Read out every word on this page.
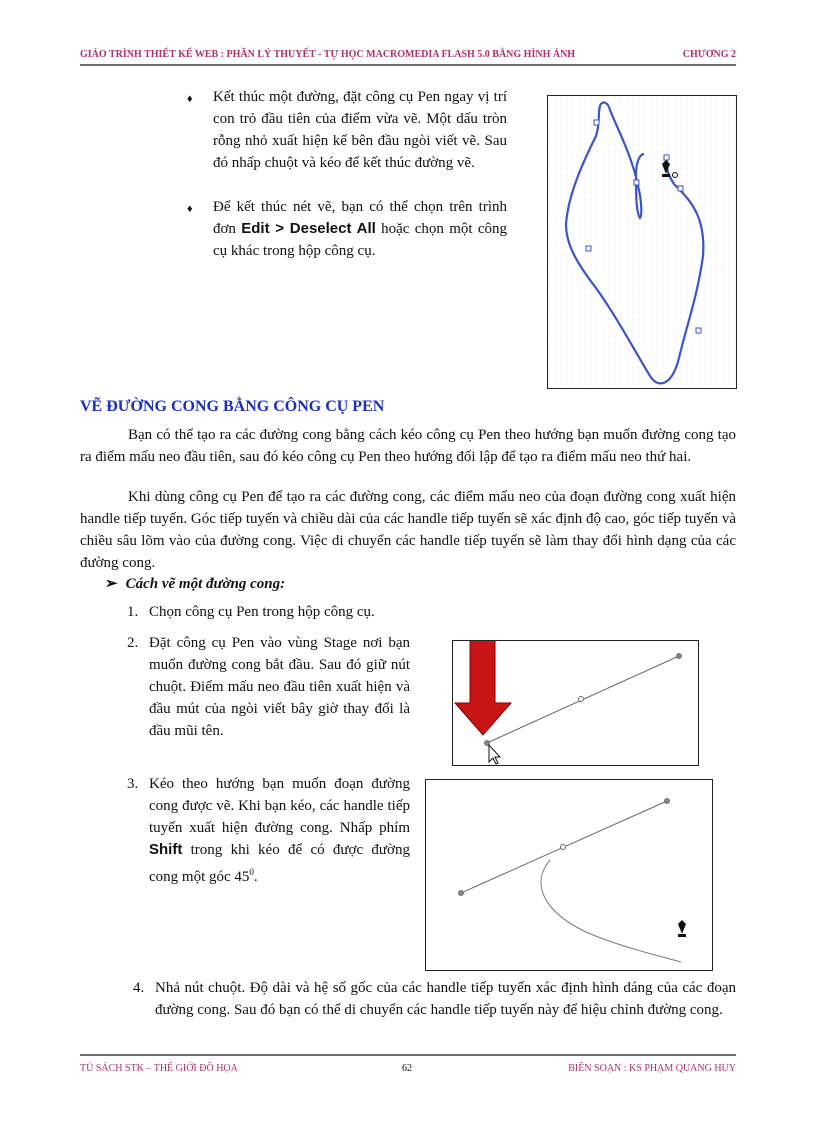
GIÁO TRÌNH THIẾT KẾ WEB : PHẦN LÝ THUYẾT - TỰ HỌC MACROMEDIA FLASH 5.0 BẰNG HÌNH ẢNH	CHƯƠNG 2
♦ Kết thúc một đường, đặt công cụ Pen ngay vị trí con trỏ đầu tiên của điểm vừa vẽ. Một dấu tròn rỗng nhỏ xuất hiện kế bên đầu ngòi viết vẽ. Sau đó nhấp chuột và kéo để kết thúc đường vẽ.
♦ Để kết thúc nét vẽ, bạn có thể chọn trên trình đơn Edit > Deselect All hoặc chọn một công cụ khác trong hộp công cụ.
VẼ ĐƯỜNG CONG BẰNG CÔNG CỤ PEN
Bạn có thể tạo ra các đường cong bằng cách kéo công cụ Pen theo hướng bạn muốn đường cong tạo ra điểm mấu neo đầu tiên, sau đó kéo công cụ Pen theo hướng đối lập để tạo ra điểm mấu neo thứ hai.
Khi dùng công cụ Pen để tạo ra các đường cong, các điểm mấu neo của đoạn đường cong xuất hiện handle tiếp tuyến. Góc tiếp tuyến và chiều dài của các handle tiếp tuyến sẽ xác định độ cao, góc tiếp tuyến và chiều sâu lõm vào của đường cong. Việc di chuyển các handle tiếp tuyến sẽ làm thay đổi hình dạng của các đường cong.
➢ Cách vẽ một đường cong:
1. Chọn công cụ Pen trong hộp công cụ.
2. Đặt công cụ Pen vào vùng Stage nơi bạn muốn đường cong bắt đầu. Sau đó giữ nút chuột. Điểm mấu neo đầu tiên xuất hiện và đầu mút của ngòi viết bây giờ thay đổi là đầu mũi tên.
3. Kéo theo hướng bạn muốn đoạn đường cong được vẽ. Khi bạn kéo, các handle tiếp tuyến xuất hiện đường cong. Nhấp phím Shift trong khi kéo để có được đường cong một góc $45^0$.
4. Nhả nút chuột. Độ dài và hệ số gốc của các handle tiếp tuyến xác định hình dáng của các đoạn đường cong. Sau đó bạn có thể di chuyển các handle tiếp tuyến này để hiệu chỉnh đường cong.
TỦ SÁCH STK – THẾ GIỚI ĐỒ HỌA	62	BIÊN SOẠN : KS PHẠM QUANG HUY
